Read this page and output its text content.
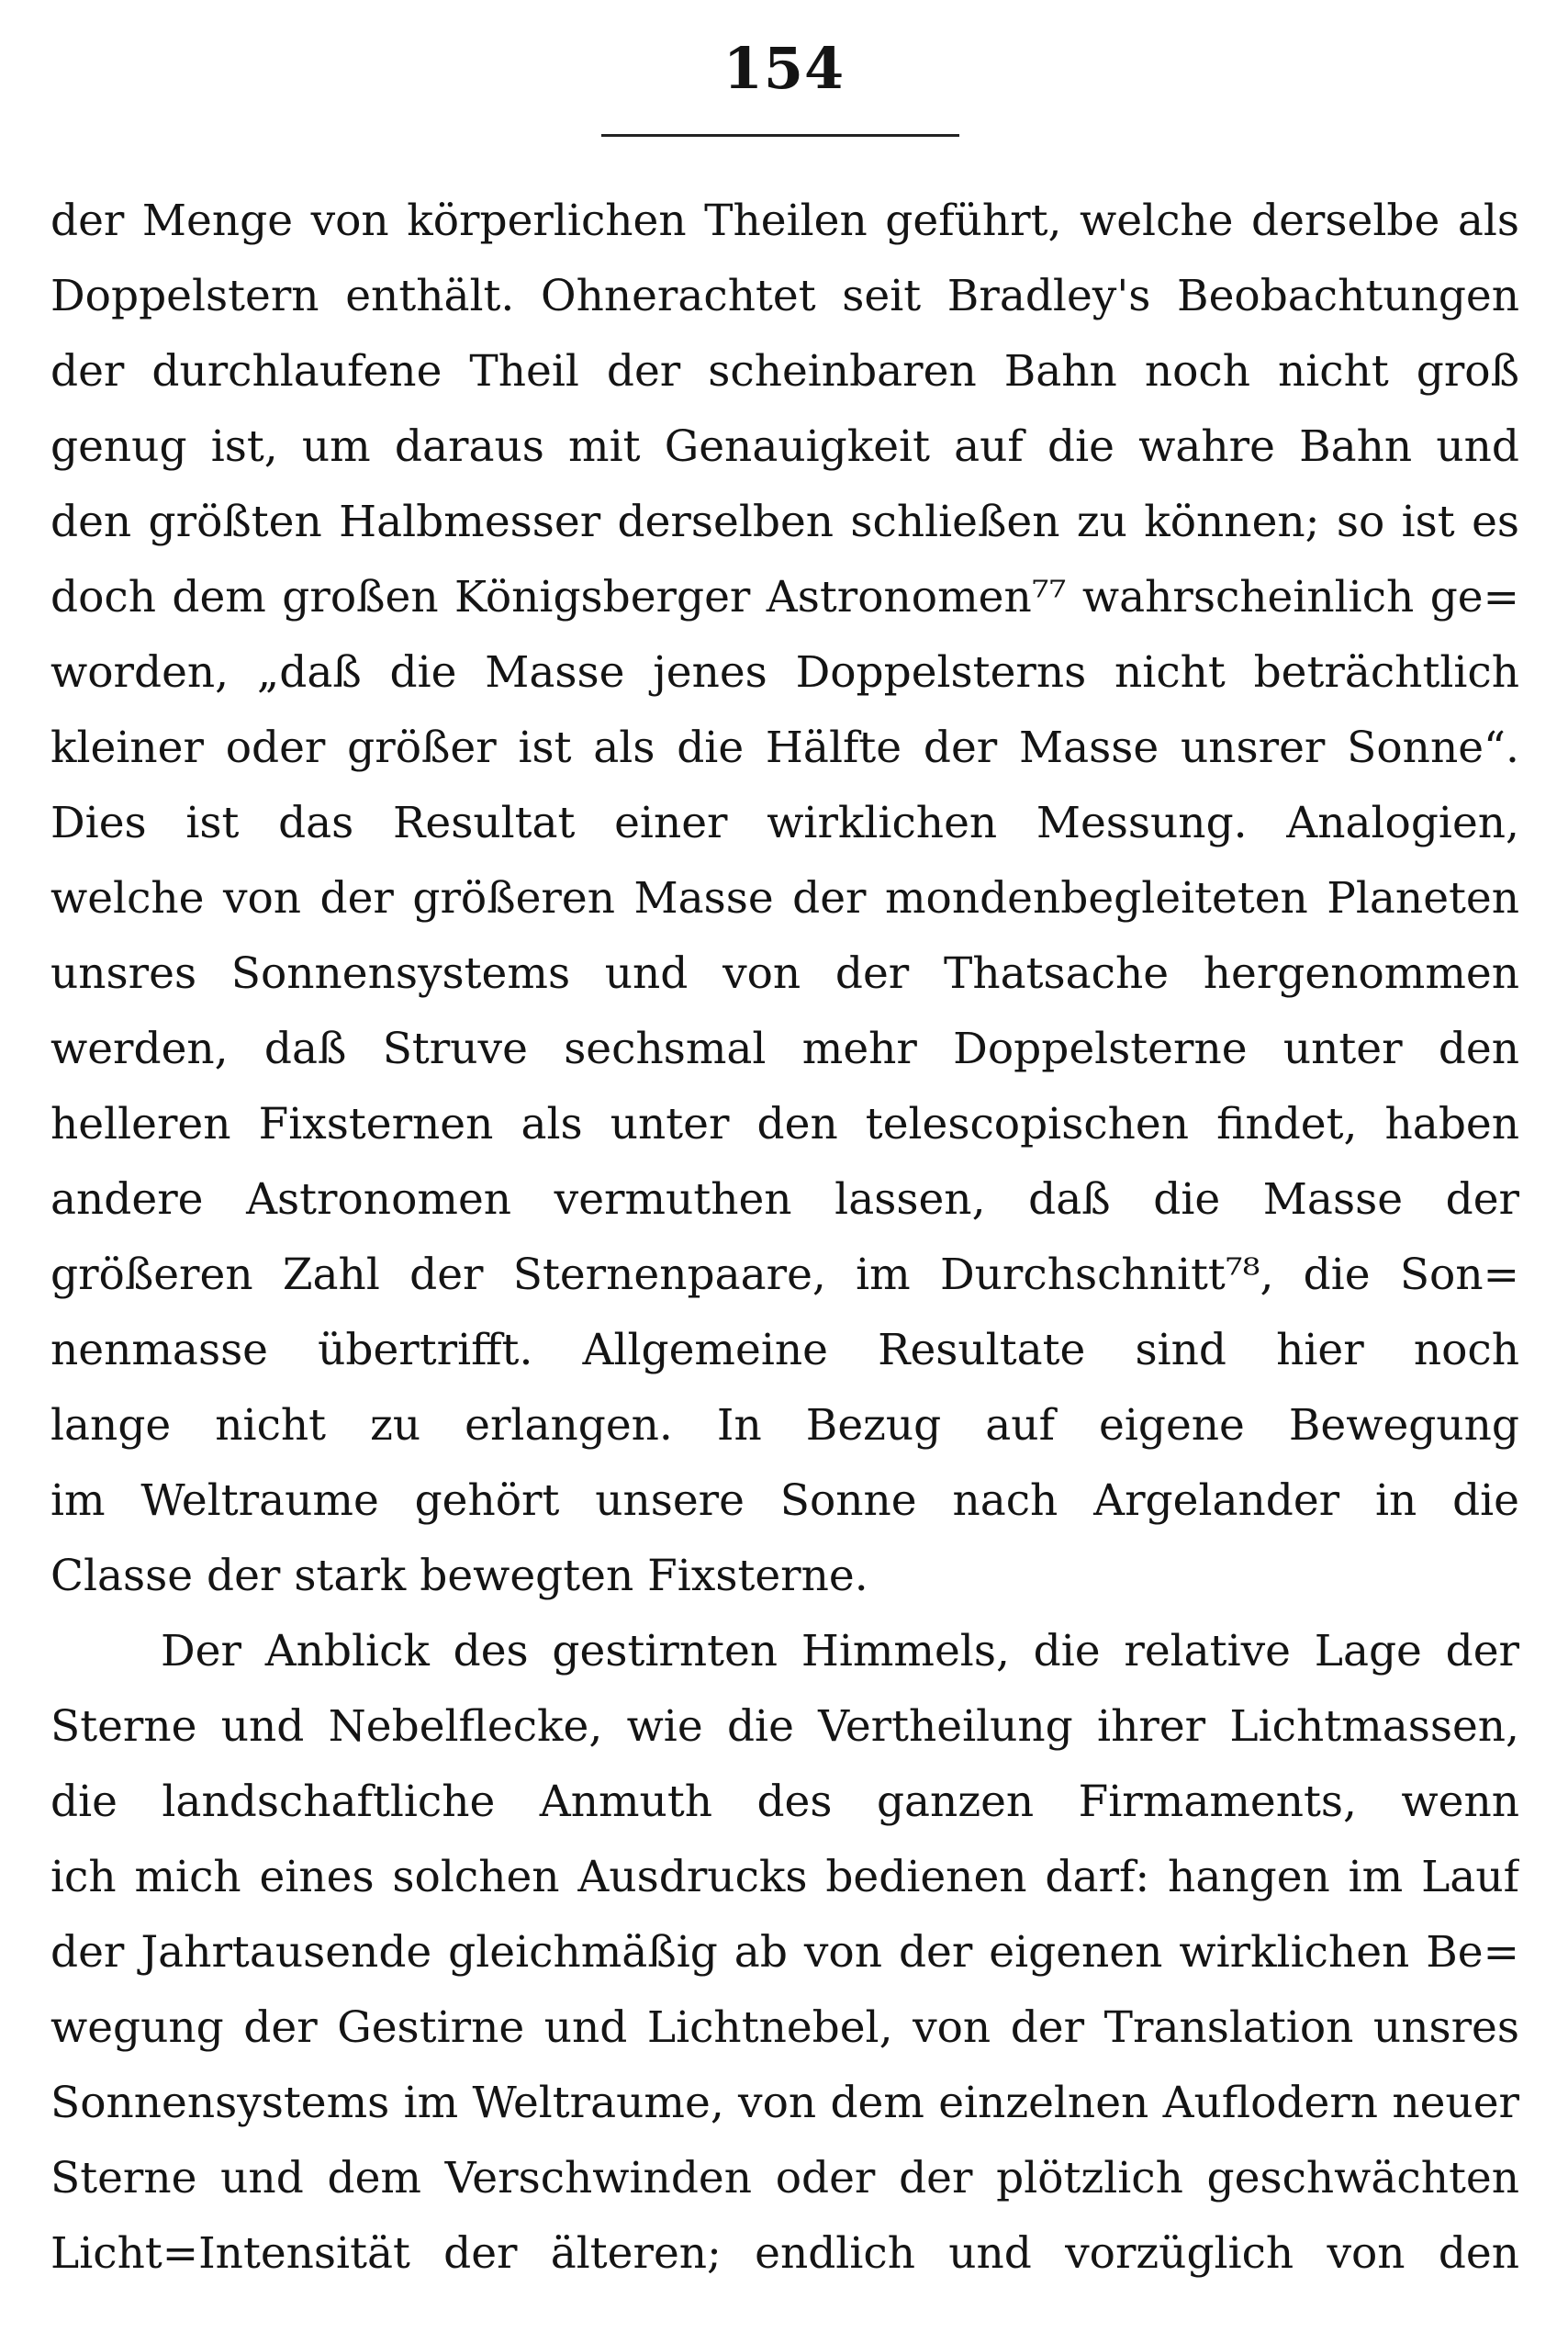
154
der Menge von körperlichen Theilen geführt, welche derselbe als
Doppelstern enthält. Ohnerachtet seit Bradley's Beobachtungen
der durchlaufene Theil der scheinbaren Bahn noch nicht groß
genug ist, um daraus mit Genauigkeit auf die wahre Bahn und
den größten Halbmesser derselben schließen zu können; so ist es
doch dem großen Königsberger Astronomen⁷⁷ wahrscheinlich ge=
worden, „daß die Masse jenes Doppelsterns nicht beträchtlich
kleiner oder größer ist als die Hälfte der Masse unsrer Sonne“.
Dies ist das Resultat einer wirklichen Messung. Analogien,
welche von der größeren Masse der mondenbegleiteten Planeten
unsres Sonnensystems und von der Thatsache hergenommen
werden, daß Struve sechsmal mehr Doppelsterne unter den
helleren Fixsternen als unter den telescopischen findet, haben
andere Astronomen vermuthen lassen, daß die Masse der
größeren Zahl der Sternenpaare, im Durchschnitt⁷⁸, die Son=
nenmasse übertrifft. Allgemeine Resultate sind hier noch
lange nicht zu erlangen. In Bezug auf eigene Bewegung
im Weltraume gehört unsere Sonne nach Argelander in die
Classe der stark bewegten Fixsterne.
Der Anblick des gestirnten Himmels, die relative Lage der
Sterne und Nebelflecke, wie die Vertheilung ihrer Lichtmassen,
die landschaftliche Anmuth des ganzen Firmaments, wenn
ich mich eines solchen Ausdrucks bedienen darf: hangen im Lauf
der Jahrtausende gleichmäßig ab von der eigenen wirklichen Be=
wegung der Gestirne und Lichtnebel, von der Translation unsres
Sonnensystems im Weltraume, von dem einzelnen Auflodern neuer
Sterne und dem Verschwinden oder der plötzlich geschwächten
Licht=Intensität der älteren; endlich und vorzüglich von den
